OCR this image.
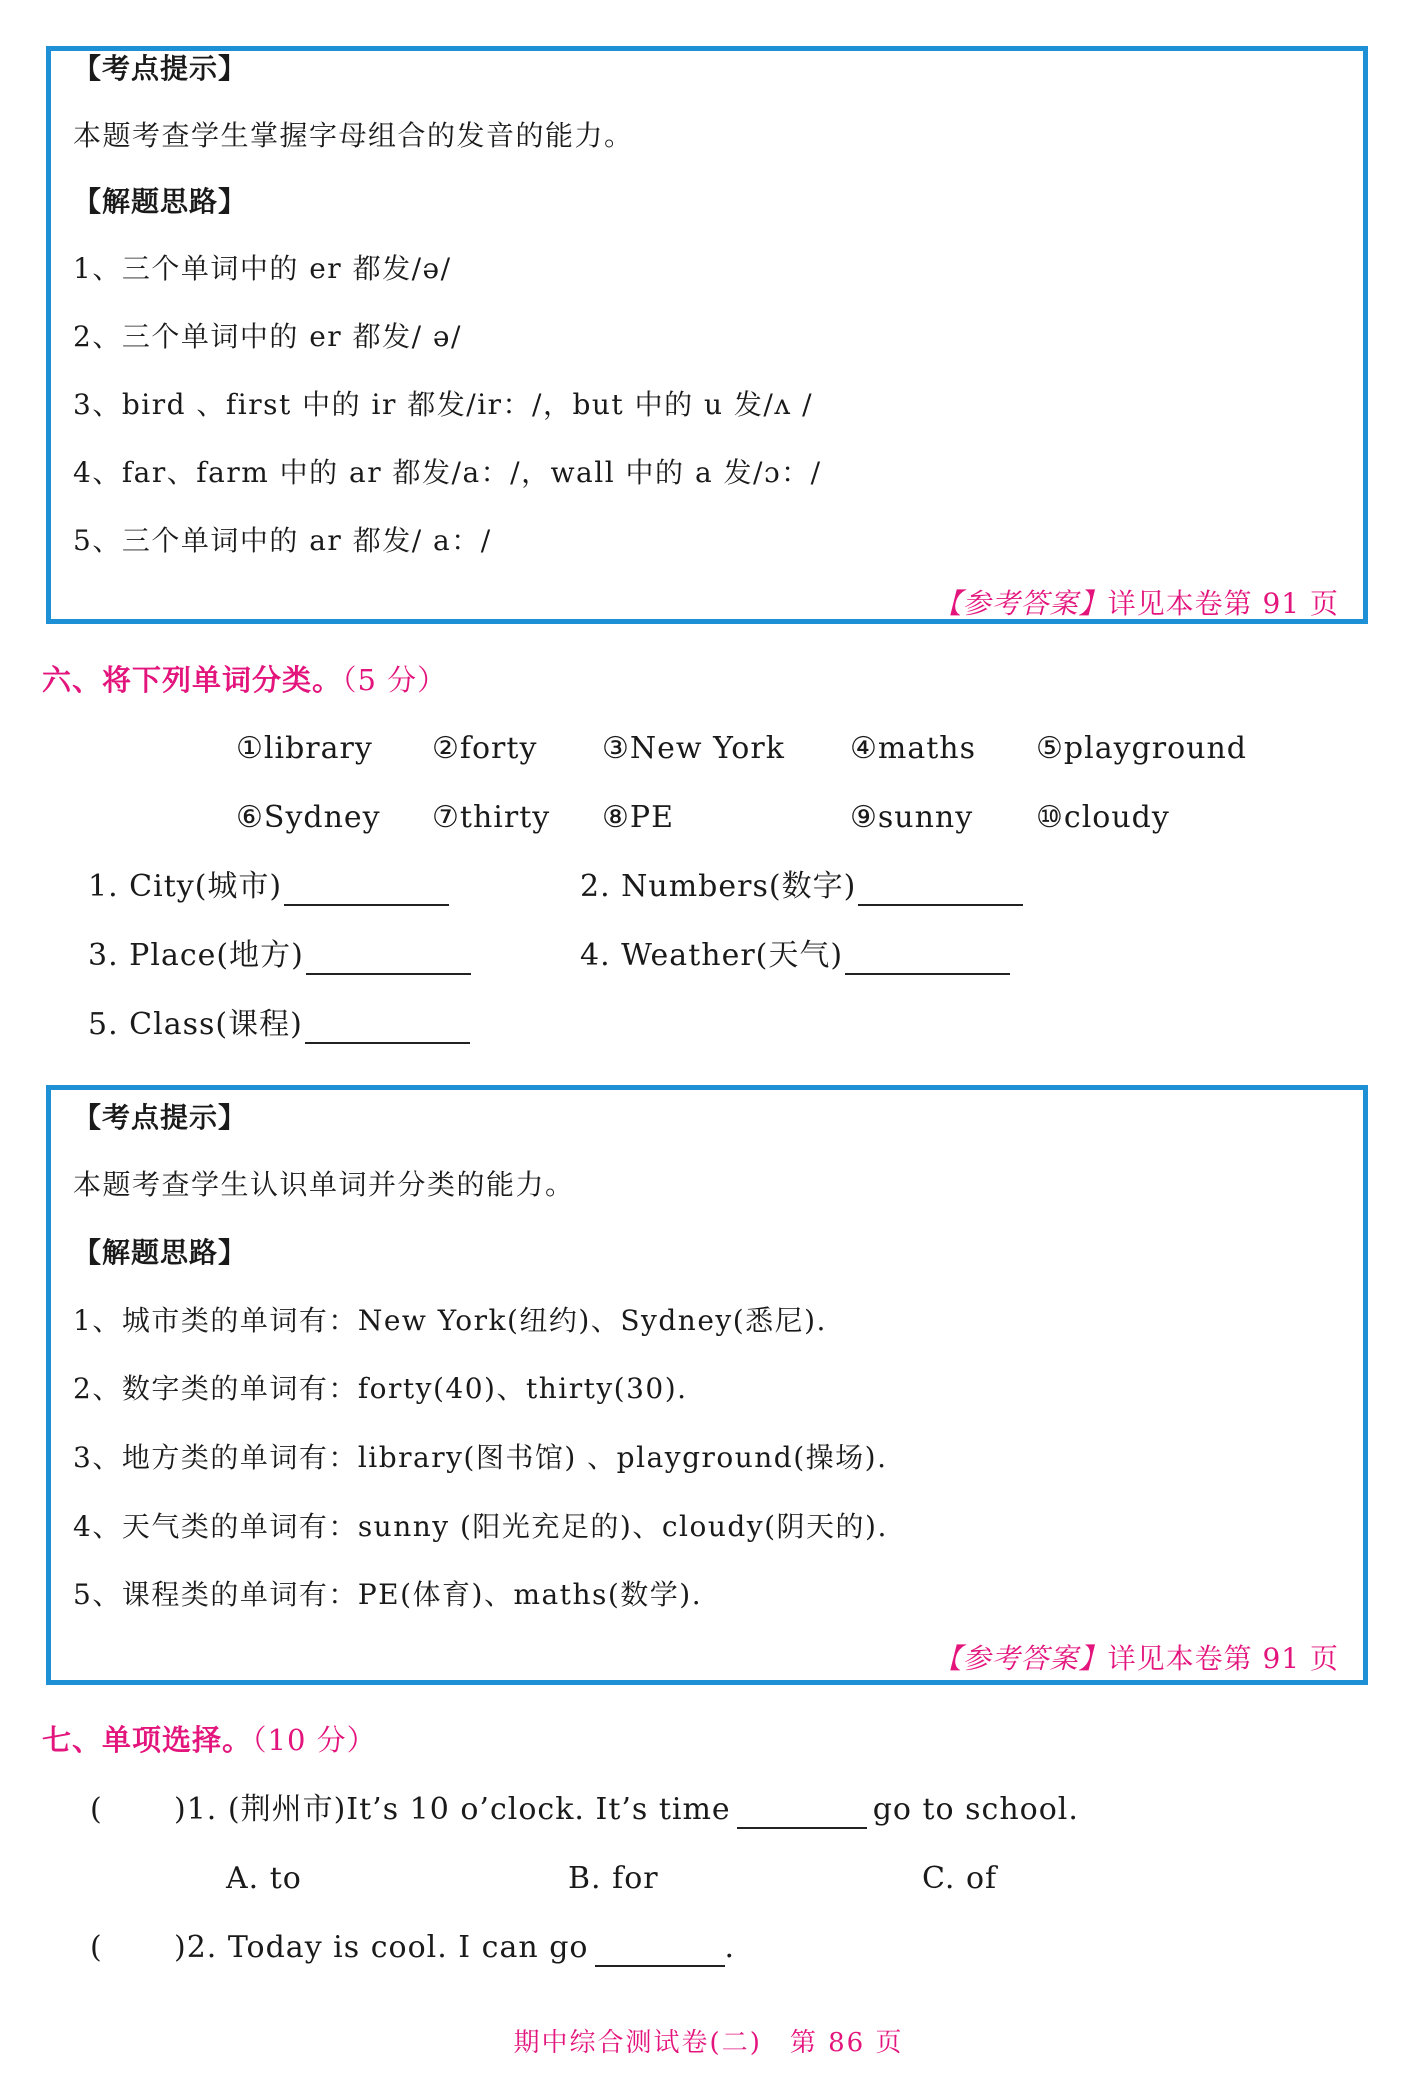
【考点提示】
本题考查学生掌握字母组合的发音的能力。
【解题思路】
1、三个单词中的 er 都发/ə/
2、三个单词中的 er 都发/ ə/
3、bird 、first 中的 ir 都发/ir：/，but 中的 u 发/ʌ /
4、far、farm 中的 ar 都发/a：/，wall 中的 a 发/ɔ：/
5、三个单词中的 ar 都发/ a：/
【参考答案】详见本卷第 91 页
六、将下列单词分类。（5 分）
①library ②forty ③New York ④maths ⑤playground
⑥Sydney ⑦thirty ⑧PE	⑨sunny ⑩cloudy
1. City(城市)	2. Numbers(数字)
3. Place(地方)	4. Weather(天气)
5. Class(课程)
【考点提示】
本题考查学生认识单词并分类的能力。
【解题思路】
1、城市类的单词有：New York(纽约)、Sydney(悉尼).
2、数字类的单词有：forty(40)、thirty(30).
3、地方类的单词有：library(图书馆) 、playground(操场).
4、天气类的单词有：sunny (阳光充足的)、cloudy(阴天的).
5、课程类的单词有：PE(体育)、maths(数学).
【参考答案】详见本卷第 91 页
七、单项选择。（10 分）
( )1. (荆州市)It’s 10 o’clock. It’s time	go to school.
A. to	B. for	C. of
( )2. Today is cool. I can go	.
期中综合测试卷(二)　第 86 页
